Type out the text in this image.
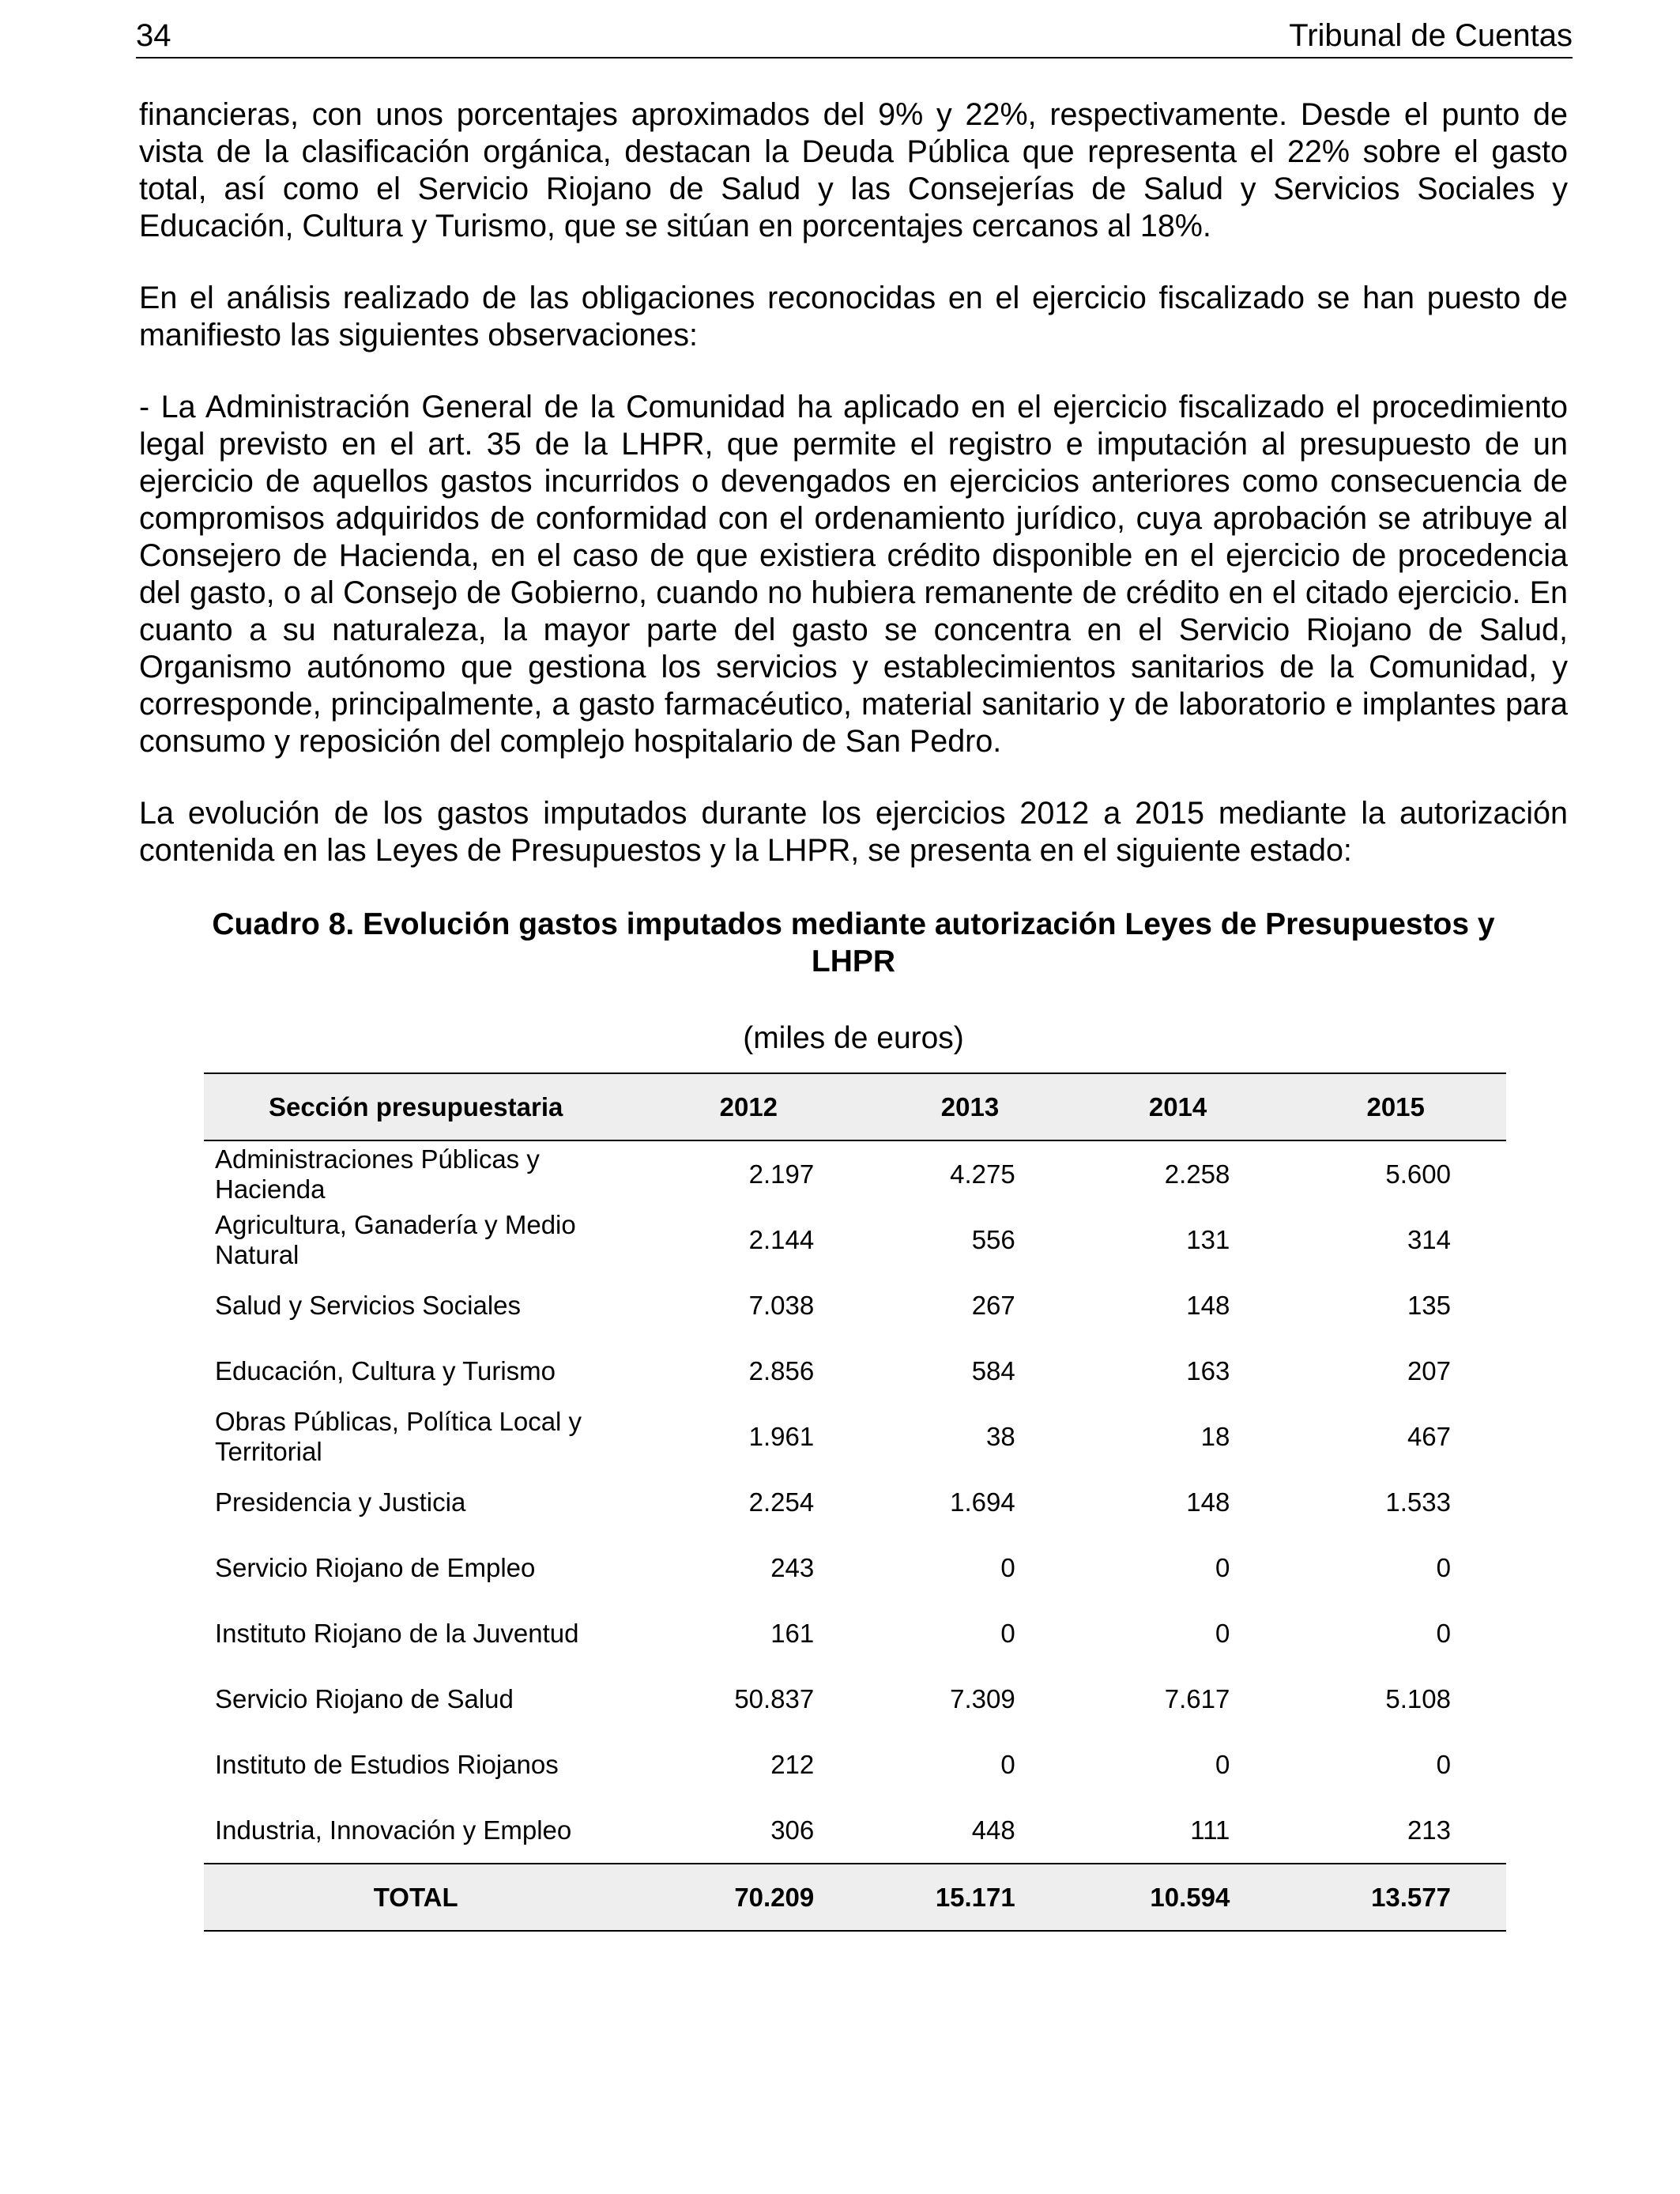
34	Tribunal de Cuentas

financieras, con unos porcentajes aproximados del 9% y 22%, respectivamente. Desde el punto de vista de la clasificación orgánica, destacan la Deuda Pública que representa el 22% sobre el gasto total, así como el Servicio Riojano de Salud y las Consejerías de Salud y Servicios Sociales y Educación, Cultura y Turismo, que se sitúan en porcentajes cercanos al 18%.

En el análisis realizado de las obligaciones reconocidas en el ejercicio fiscalizado se han puesto de manifiesto las siguientes observaciones:

- La Administración General de la Comunidad ha aplicado en el ejercicio fiscalizado el procedimiento legal previsto en el art. 35 de la LHPR, que permite el registro e imputación al presupuesto de un ejercicio de aquellos gastos incurridos o devengados en ejercicios anteriores como consecuencia de compromisos adquiridos de conformidad con el ordenamiento jurídico, cuya aprobación se atribuye al Consejero de Hacienda, en el caso de que existiera crédito disponible en el ejercicio de procedencia del gasto, o al Consejo de Gobierno, cuando no hubiera remanente de crédito en el citado ejercicio. En cuanto a su naturaleza, la mayor parte del gasto se concentra en el Servicio Riojano de Salud, Organismo autónomo que gestiona los servicios y establecimientos sanitarios de la Comunidad, y corresponde, principalmente, a gasto farmacéutico, material sanitario y de laboratorio e implantes para consumo y reposición del complejo hospitalario de San Pedro.

La evolución de los gastos imputados durante los ejercicios 2012 a 2015 mediante la autorización contenida en las Leyes de Presupuestos y la LHPR, se presenta en el siguiente estado:

Cuadro 8. Evolución gastos imputados mediante autorización Leyes de Presupuestos y
LHPR
(miles de euros)
Sección presupuestaria	2012	2013	2014	2015
Administraciones Públicas y Hacienda	2.197	4.275	2.258	5.600
Agricultura, Ganadería y Medio Natural	2.144	556	131	314
Salud y Servicios Sociales	7.038	267	148	135
Educación, Cultura y Turismo	2.856	584	163	207
Obras Públicas, Política Local y Territorial	1.961	38	18	467
Presidencia y Justicia	2.254	1.694	148	1.533
Servicio Riojano de Empleo	243	0	0	0
Instituto Riojano de la Juventud	161	0	0	0
Servicio Riojano de Salud	50.837	7.309	7.617	5.108
Instituto de Estudios Riojanos	212	0	0	0
Industria, Innovación y Empleo	306	448	111	213
TOTAL	70.209	15.171	10.594	13.577
